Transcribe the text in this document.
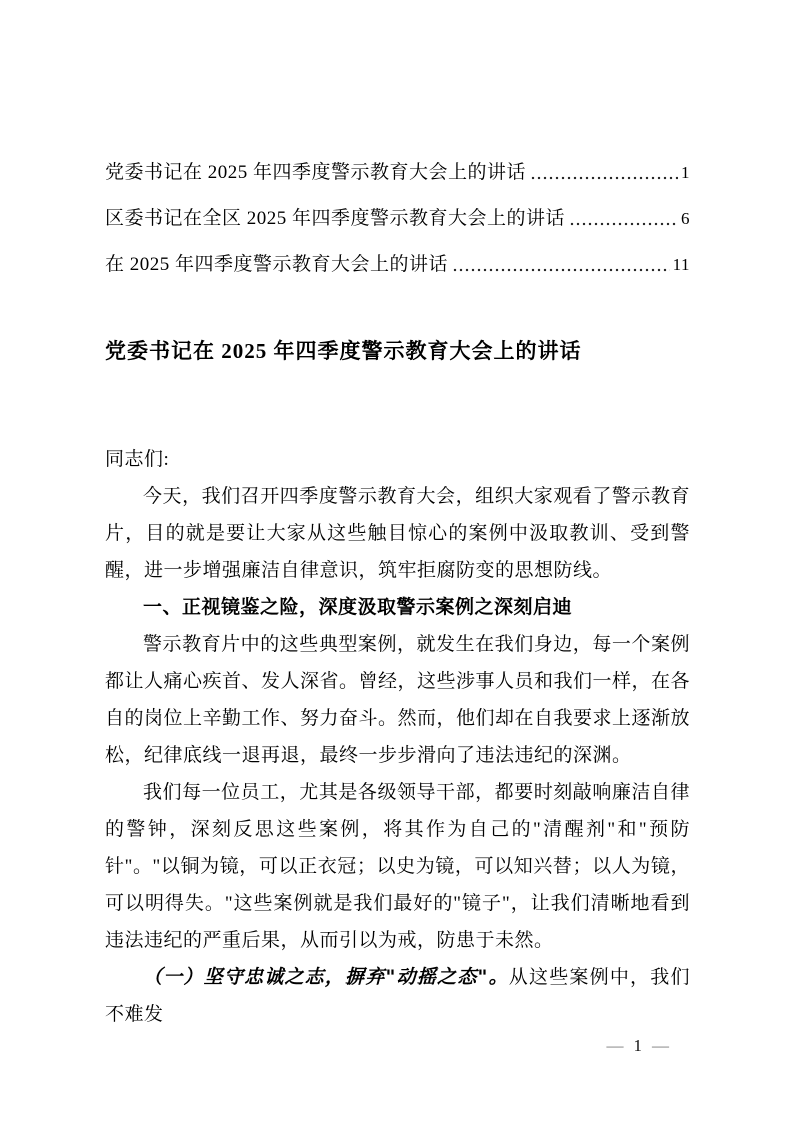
党委书记在 2025 年四季度警示教育大会上的讲话	1
区委书记在全区 2025 年四季度警示教育大会上的讲话	6
在 2025 年四季度警示教育大会上的讲话	11
党委书记在 2025 年四季度警示教育大会上的讲话

同志们:

今天，我们召开四季度警示教育大会，组织大家观看了警示教育片，目的就是要让大家从这些触目惊心的案例中汲取教训、受到警醒，进一步增强廉洁自律意识，筑牢拒腐防变的思想防线。

一、正视镜鉴之险，深度汲取警示案例之深刻启迪

警示教育片中的这些典型案例，就发生在我们身边，每一个案例都让人痛心疾首、发人深省。曾经，这些涉事人员和我们一样，在各自的岗位上辛勤工作、努力奋斗。然而，他们却在自我要求上逐渐放松，纪律底线一退再退，最终一步步滑向了违法违纪的深渊。

我们每一位员工，尤其是各级领导干部，都要时刻敲响廉洁自律的警钟，深刻反思这些案例，将其作为自己的"清醒剂"和"预防针"。"以铜为镜，可以正衣冠；以史为镜，可以知兴替；以人为镜，可以明得失。"这些案例就是我们最好的"镜子"，让我们清晰地看到违法违纪的严重后果，从而引以为戒，防患于未然。

（一）坚守忠诚之志，摒弃"动摇之态"。从这些案例中，我们不难发

— 1 —
